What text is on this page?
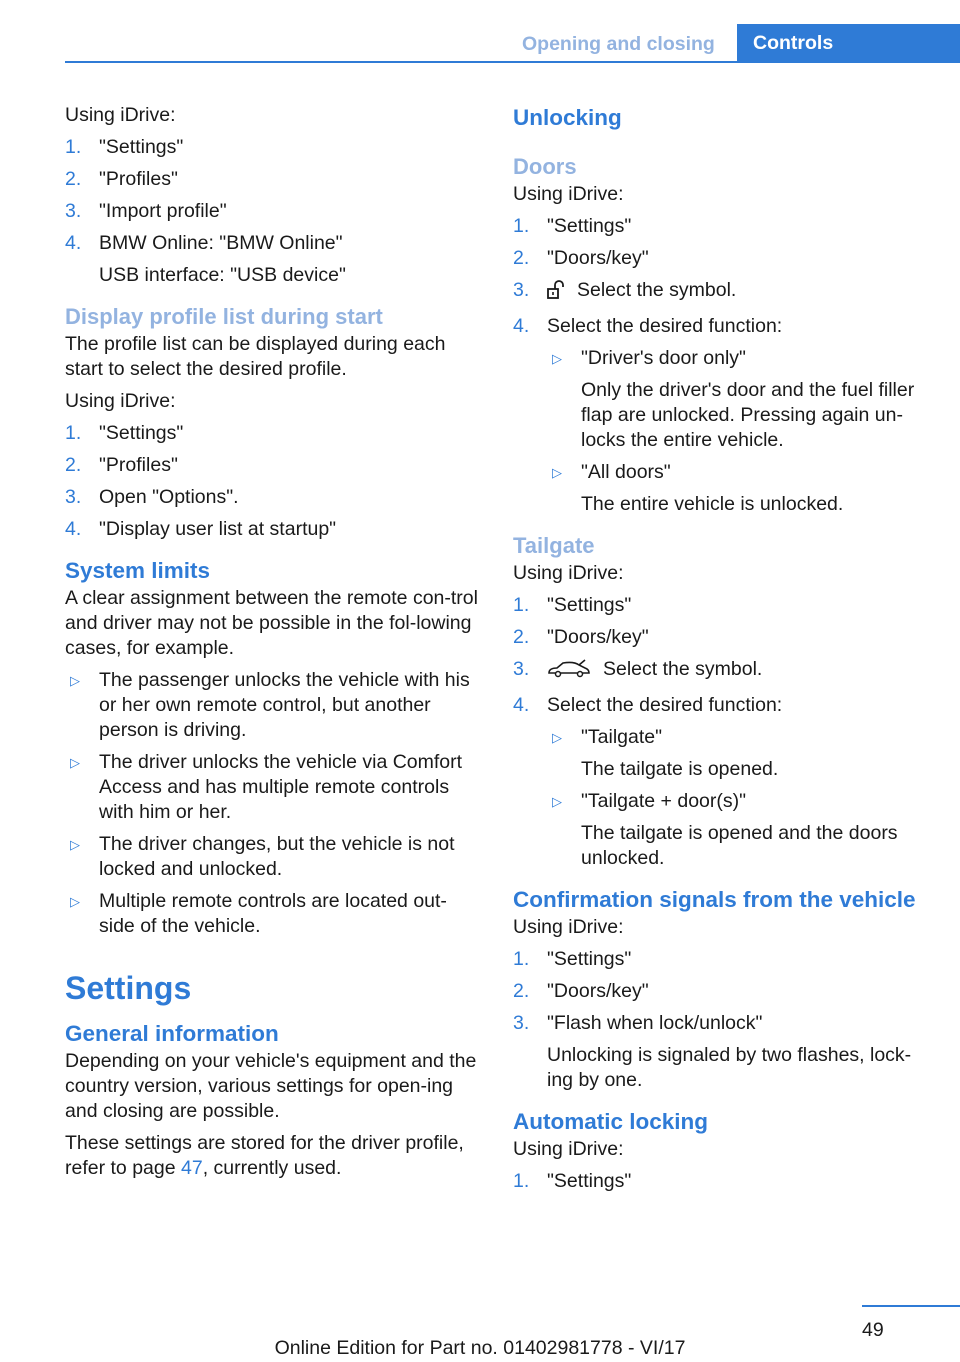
Opening and closing	Controls

Using iDrive:

1. "Settings"
2. "Profiles"
3. "Import profile"
4. BMW Online: "BMW Online"
USB interface: "USB device"
Display profile list during start

The profile list can be displayed during each start to select the desired profile.

Using iDrive:

1. "Settings"
2. "Profiles"
3. Open "Options".
4. "Display user list at startup"
System limits

A clear assignment between the remote con‐trol and driver may not be possible in the fol‐lowing cases, for example.

▷ The passenger unlocks the vehicle with his or her own remote control, but another person is driving.
▷ The driver unlocks the vehicle via Comfort Access and has multiple remote controls with him or her.
▷ The driver changes, but the vehicle is not locked and unlocked.
▷ Multiple remote controls are located out‐side of the vehicle.
Settings
General information

Depending on your vehicle's equipment and the country version, various settings for open‐ing and closing are possible.

These settings are stored for the driver profile, refer to page 47, currently used.

Unlocking
Doors

Using iDrive:

1. "Settings"
2. "Doors/key"
3. Select the symbol.
4. Select the desired function:
▷ "Driver's door only"
Only the driver's door and the fuel filler flap are unlocked. Pressing again un‐locks the entire vehicle.
▷ "All doors"
The entire vehicle is unlocked.
Tailgate

Using iDrive:

1. "Settings"
2. "Doors/key"
3.	Select the symbol.
4. Select the desired function:
▷ "Tailgate"
The tailgate is opened.
▷ "Tailgate + door(s)"
The tailgate is opened and the doors unlocked.
Confirmation signals from the vehicle

Using iDrive:

1. "Settings"
2. "Doors/key"
3. "Flash when lock/unlock"
Unlocking is signaled by two flashes, lock‐ing by one.
Automatic locking

Using iDrive:

1. "Settings"
49
Online Edition for Part no. 01402981778 - VI/17
